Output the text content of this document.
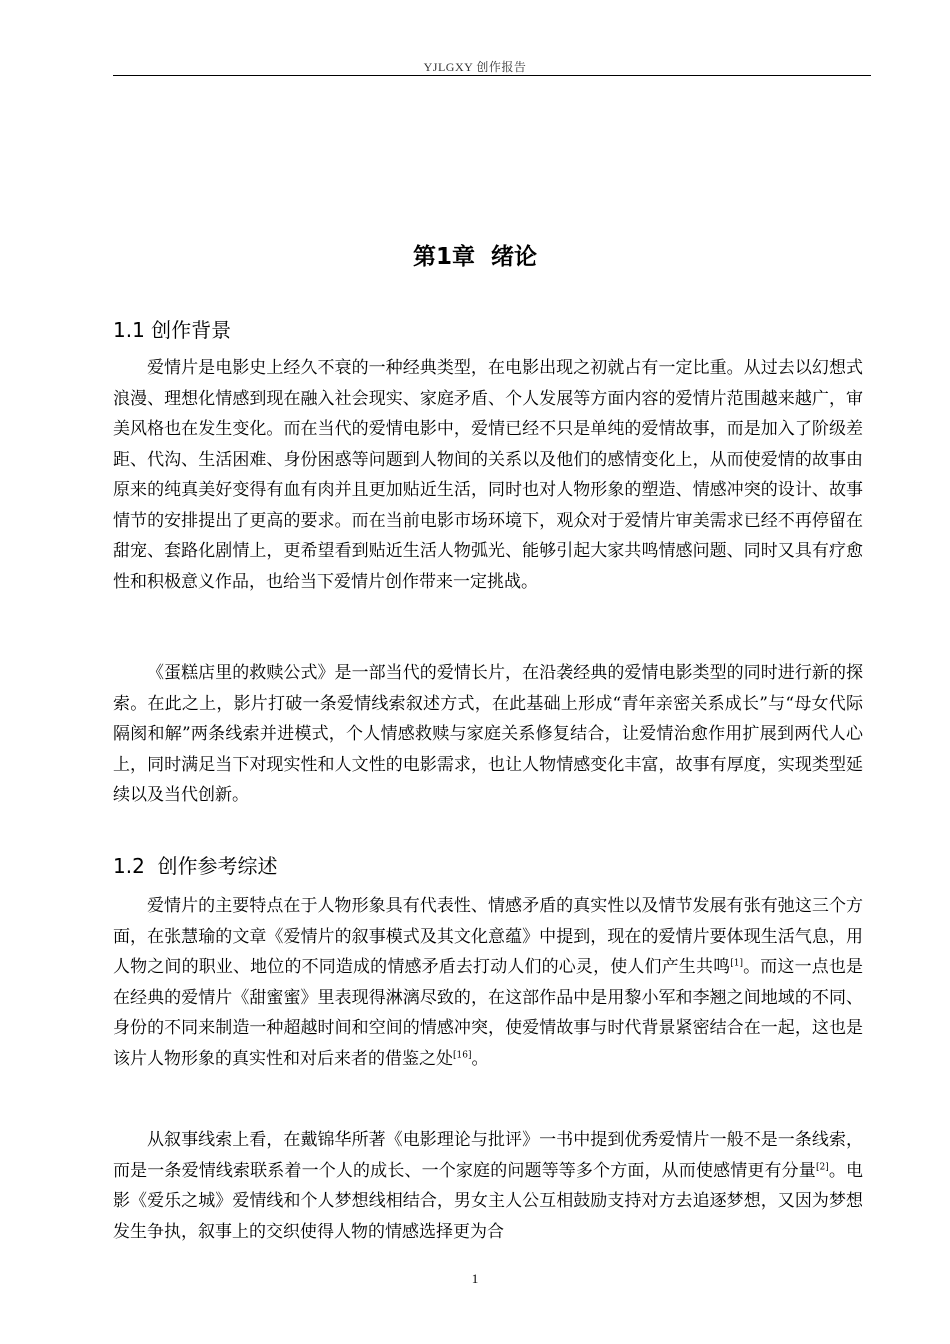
YJLGXY 创作报告
第1章  绪论
1.1 创作背景

爱情片是电影史上经久不衰的一种经典类型，在电影出现之初就占有一定比重。从过去以幻想式浪漫、理想化情感到现在融入社会现实、家庭矛盾、个人发展等方面内容的爱情片范围越来越广，审美风格也在发生变化。而在当代的爱情电影中，爱情已经不只是单纯的爱情故事，而是加入了阶级差距、代沟、生活困难、身份困惑等问题到人物间的关系以及他们的感情变化上，从而使爱情的故事由原来的纯真美好变得有血有肉并且更加贴近生活，同时也对人物形象的塑造、情感冲突的设计、故事情节的安排提出了更高的要求。而在当前电影市场环境下，观众对于爱情片审美需求已经不再停留在甜宠、套路化剧情上，更希望看到贴近生活人物弧光、能够引起大家共鸣情感问题、同时又具有疗愈性和积极意义作品，也给当下爱情片创作带来一定挑战。

《蛋糕店里的救赎公式》是一部当代的爱情长片，在沿袭经典的爱情电影类型的同时进行新的探索。在此之上，影片打破一条爱情线索叙述方式，在此基础上形成“青年亲密关系成长”与“母女代际隔阂和解”两条线索并进模式，个人情感救赎与家庭关系修复结合，让爱情治愈作用扩展到两代人心上，同时满足当下对现实性和人文性的电影需求，也让人物情感变化丰富，故事有厚度，实现类型延续以及当代创新。

1.2  创作参考综述

爱情片的主要特点在于人物形象具有代表性、情感矛盾的真实性以及情节发展有张有弛这三个方面，在张慧瑜的文章《爱情片的叙事模式及其文化意蕴》中提到，现在的爱情片要体现生活气息，用人物之间的职业、地位的不同造成的情感矛盾去打动人们的心灵，使人们产生共鸣[1]。而这一点也是在经典的爱情片《甜蜜蜜》里表现得淋漓尽致的，在这部作品中是用黎小军和李翘之间地域的不同、身份的不同来制造一种超越时间和空间的情感冲突，使爱情故事与时代背景紧密结合在一起，这也是该片人物形象的真实性和对后来者的借鉴之处[16]。

从叙事线索上看，在戴锦华所著《电影理论与批评》一书中提到优秀爱情片一般不是一条线索，而是一条爱情线索联系着一个人的成长、一个家庭的问题等等多个方面，从而使感情更有分量[2]。电影《爱乐之城》爱情线和个人梦想线相结合，男女主人公互相鼓励支持对方去追逐梦想，又因为梦想发生争执，叙事上的交织使得人物的情感选择更为合

1
